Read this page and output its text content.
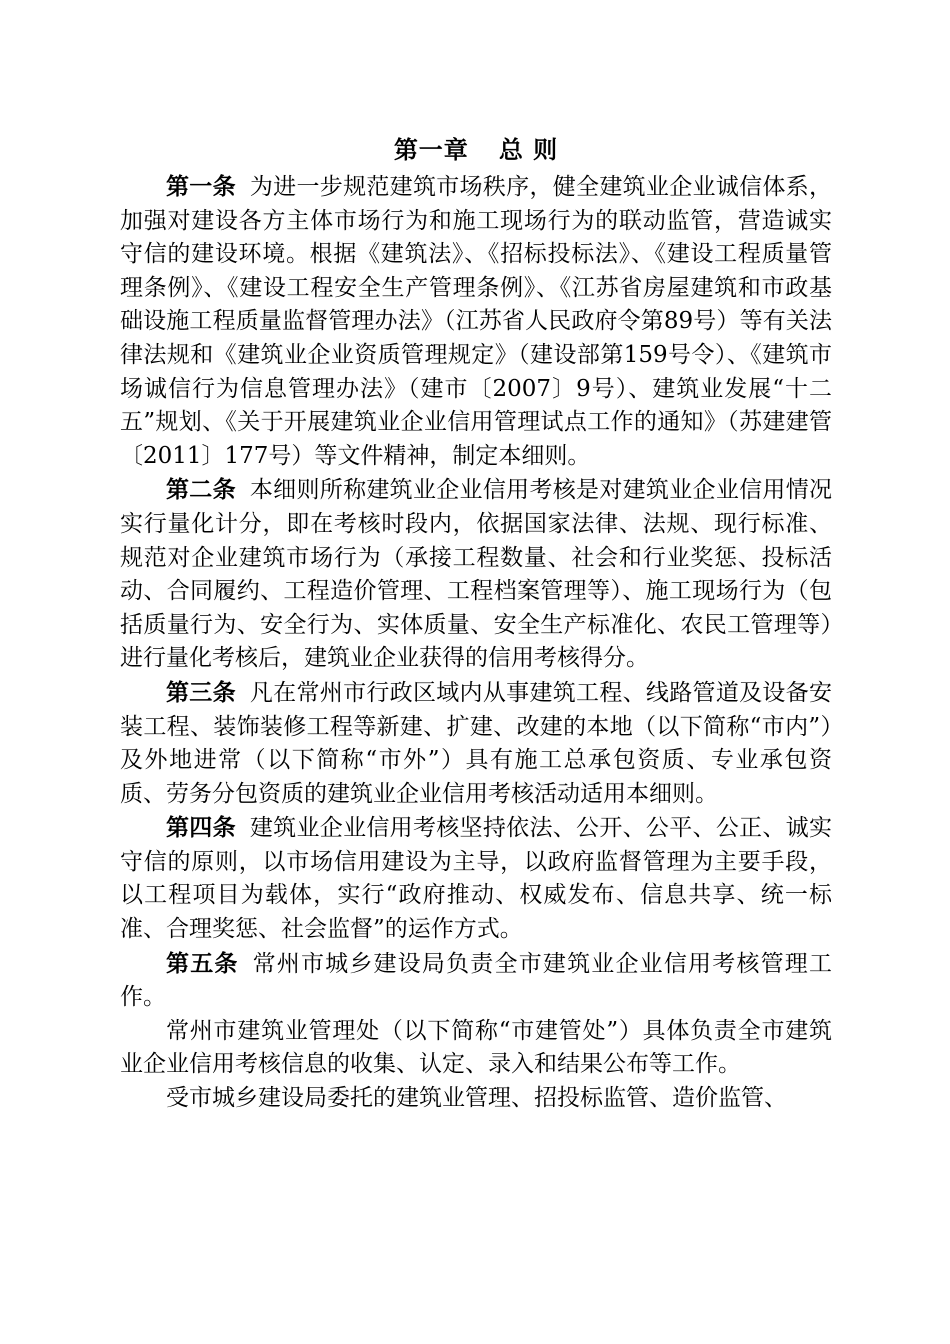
第一章 总 则

第一条 为进一步规范建筑市场秩序，健全建筑业企业诚信体系，加强对建设各方主体市场行为和施工现场行为的联动监管，营造诚实守信的建设环境。根据《建筑法》、《招标投标法》、《建设工程质量管理条例》、《建设工程安全生产管理条例》、《江苏省房屋建筑和市政基础设施工程质量监督管理办法》（江苏省人民政府令第89号）等有关法律法规和《建筑业企业资质管理规定》（建设部第159号令）、《建筑市场诚信行为信息管理办法》（建市〔2007〕9号）、建筑业发展“十二五”规划、《关于开展建筑业企业信用管理试点工作的通知》（苏建建管〔2011〕177号）等文件精神，制定本细则。

第二条 本细则所称建筑业企业信用考核是对建筑业企业信用情况实行量化计分，即在考核时段内，依据国家法律、法规、现行标准、规范对企业建筑市场行为（承接工程数量、社会和行业奖惩、投标活动、合同履约、工程造价管理、工程档案管理等）、施工现场行为（包括质量行为、安全行为、实体质量、安全生产标准化、农民工管理等）进行量化考核后，建筑业企业获得的信用考核得分。

第三条 凡在常州市行政区域内从事建筑工程、线路管道及设备安装工程、装饰装修工程等新建、扩建、改建的本地（以下简称“市内”）及外地进常（以下简称“市外”）具有施工总承包资质、专业承包资质、劳务分包资质的建筑业企业信用考核活动适用本细则。

第四条 建筑业企业信用考核坚持依法、公开、公平、公正、诚实守信的原则，以市场信用建设为主导，以政府监督管理为主要手段，以工程项目为载体，实行“政府推动、权威发布、信息共享、统一标准、合理奖惩、社会监督”的运作方式。

第五条 常州市城乡建设局负责全市建筑业企业信用考核管理工作。

常州市建筑业管理处（以下简称“市建管处”）具体负责全市建筑业企业信用考核信息的收集、认定、录入和结果公布等工作。

受市城乡建设局委托的建筑业管理、招投标监管、造价监管、
